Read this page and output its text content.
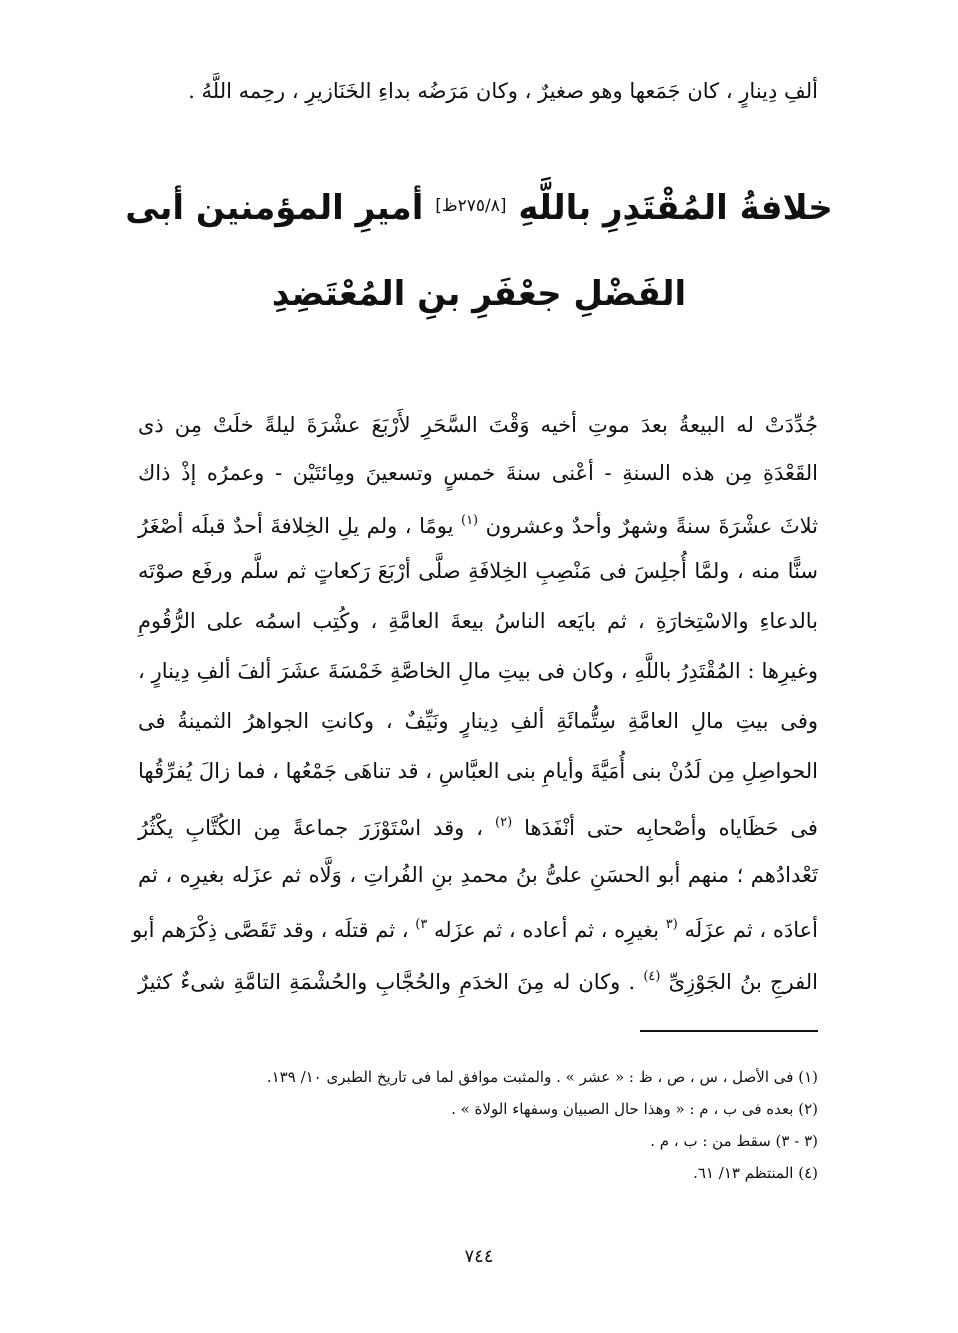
ألفِ دِينارٍ ، كان جَمَعها وهو صغيرٌ ، وكان مَرَضُه بداءِ الخَنَازيرِ ، رحِمه اللَّهُ .
خلافةُ المُقْتَدِرِ باللَّهِ [٢٧٥/٨ظ] أميرِ المؤمنين أبى
الفَضْلِ جعْفَرِ بنِ المُعْتَضِدِ
جُدِّدَتْ له البيعةُ بعدَ موتِ أخيه وَقْتَ السَّحَرِ لأَرْبَعَ عشْرَةَ ليلةً خلَتْ مِن ذى
القَعْدَةِ مِن هذه السنةِ - أعْنى سنةَ خمسٍ وتسعينَ ومِائتَيْن - وعمرُه إذْ ذاك
ثلاثَ عشْرَةَ سنةً وشهرٌ وأحدٌ وعشرون $^{(١)}$ يومًا ، ولم يلِ الخِلافةَ أحدٌ قبلَه أصْغَرُ
سنًّا منه ، ولمَّا أُجلِسَ فى مَنْصِبِ الخِلافَةِ صلَّى أرْبَعَ رَكعاتٍ ثم سلَّم ورفَع صوْتَه
بالدعاءِ والاسْتِخارَةِ ، ثم بايَعه الناسُ بيعةَ العامَّةِ ، وكُتِب اسمُه على الرُّقُومِ
وغيرِها : المُقْتَدِرُ باللَّهِ ، وكان فى بيتِ مالِ الخاصَّةِ خَمْسَةَ عشَرَ ألفَ ألفِ دِينارٍ ،
وفى بيتِ مالِ العامَّةِ سِتُّمائَةِ ألفِ دِينارٍ ونَيِّفٌ ، وكانتِ الجواهرُ الثمينةُ فى
الحواصِلِ مِن لَدُنْ بنى أُمَيَّةَ وأيامِ بنى العبَّاسِ ، قد تناهَى جَمْعُها ، فما زالَ يُفرِّقُها
فى حَظَاياه وأصْحابِه حتى أنْفَدَها $^{(٢)}$ ، وقد اسْتَوْزَرَ جماعةً مِن الكُتَّابِ يكْثُرُ
تَعْدادُهم ؛ منهم أبو الحسَنِ علىُّ بنُ محمدِ بنِ الفُراتِ ، وَلَّاه ثم عزَله بغيرِه ، ثم
أعادَه ، ثم عزَلَه $^{(٣}$ بغيرِه ، ثم أعاده ، ثم عزَله $^{٣)}$ ، ثم قتلَه ، وقد تَقَصَّى ذِكْرَهم أبو
الفرجِ بنُ الجَوْزِىِّ $^{(٤)}$ . وكان له مِنَ الخدَمِ والحُجَّابِ والحُشْمَةِ التامَّةِ شىءٌ كثيرٌ
(١) فى الأصل ، س ، ص ، ظ : « عشر » . والمثبت موافق لما فى تاريخ الطبرى ١٠/ ١٣٩.
(٢) بعده فى ب ، م : « وهذا حال الصبيان وسفهاء الولاة » .
(٣ - ٣) سقط من : ب ، م .
(٤) المنتظم ١٣/ ٦١.
٧٤٤
